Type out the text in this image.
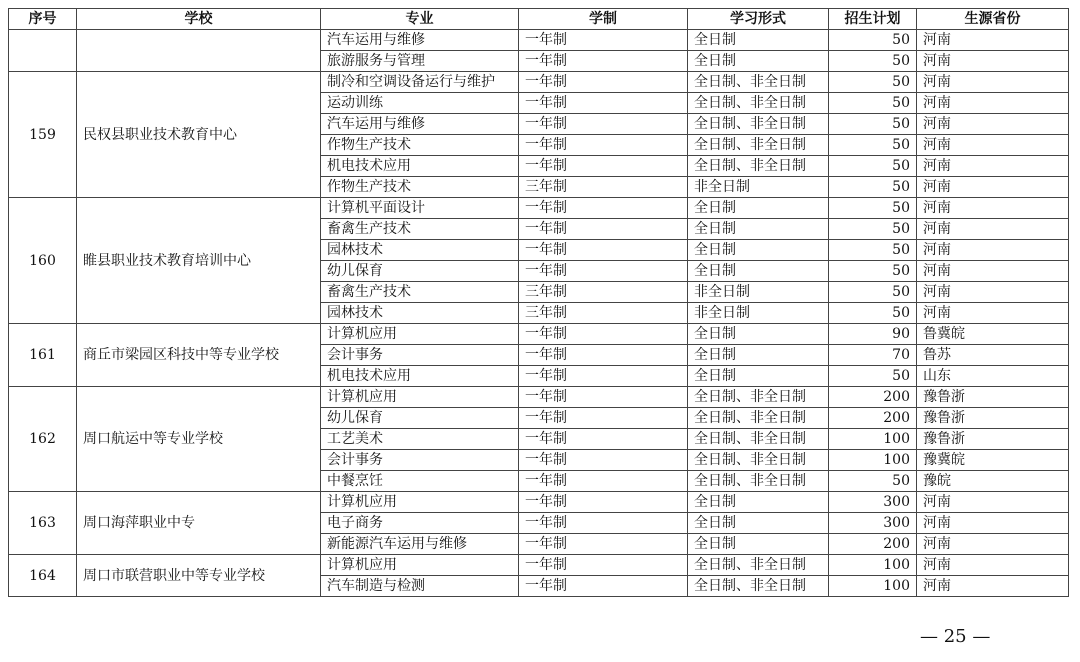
序号	学校	专业	学制	学习形式	招生计划	生源省份
		汽车运用与维修	一年制	全日制	50	河南
		旅游服务与管理	一年制	全日制	50	河南
159	民权县职业技术教育中心	制冷和空调设备运行与维护	一年制	全日制、非全日制	50	河南
		运动训练	一年制	全日制、非全日制	50	河南
		汽车运用与维修	一年制	全日制、非全日制	50	河南
		作物生产技术	一年制	全日制、非全日制	50	河南
		机电技术应用	一年制	全日制、非全日制	50	河南
		作物生产技术	三年制	非全日制	50	河南
160	睢县职业技术教育培训中心	计算机平面设计	一年制	全日制	50	河南
		畜禽生产技术	一年制	全日制	50	河南
		园林技术	一年制	全日制	50	河南
		幼儿保育	一年制	全日制	50	河南
		畜禽生产技术	三年制	非全日制	50	河南
		园林技术	三年制	非全日制	50	河南
161	商丘市梁园区科技中等专业学校	计算机应用	一年制	全日制	90	鲁冀皖
		会计事务	一年制	全日制	70	鲁苏
		机电技术应用	一年制	全日制	50	山东
162	周口航运中等专业学校	计算机应用	一年制	全日制、非全日制	200	豫鲁浙
		幼儿保育	一年制	全日制、非全日制	200	豫鲁浙
		工艺美术	一年制	全日制、非全日制	100	豫鲁浙
		会计事务	一年制	全日制、非全日制	100	豫冀皖
		中餐烹饪	一年制	全日制、非全日制	50	豫皖
163	周口海萍职业中专	计算机应用	一年制	全日制	300	河南
		电子商务	一年制	全日制	300	河南
		新能源汽车运用与维修	一年制	全日制	200	河南
164	周口市联营职业中等专业学校	计算机应用	一年制	全日制、非全日制	100	河南
		汽车制造与检测	一年制	全日制、非全日制	100	河南
— 25 —
